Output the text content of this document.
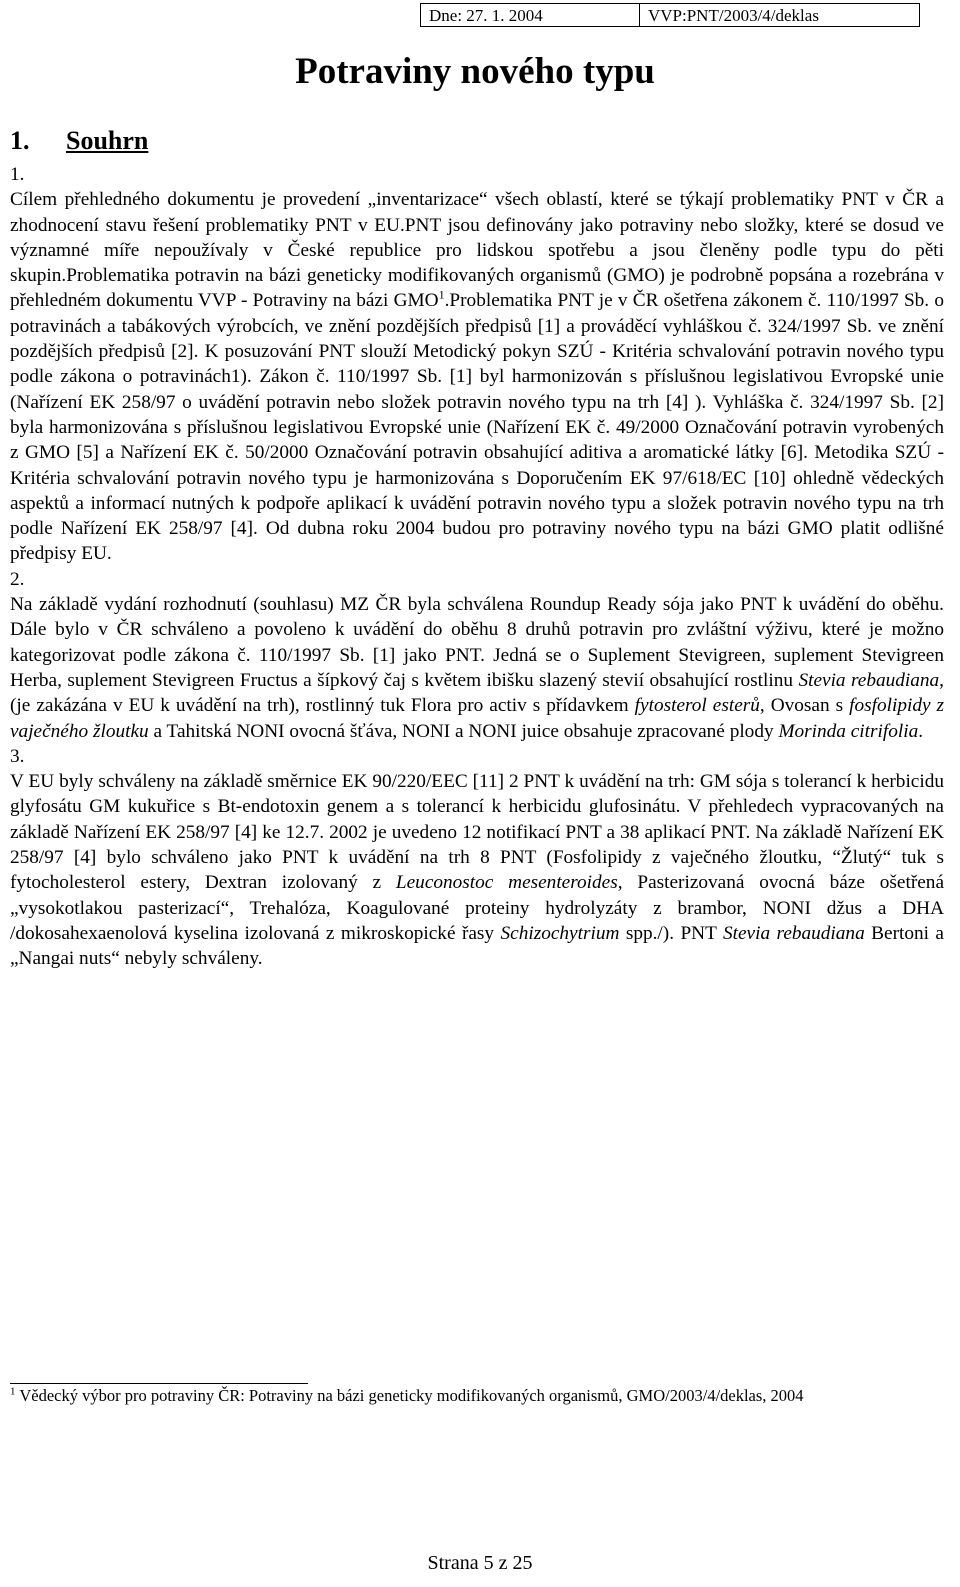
Dne: 27. 1. 2004	VVP:PNT/2003/4/deklas
Potraviny nového typu
1. Souhrn

1.

Cílem přehledného dokumentu je provedení „inventarizace“ všech oblastí, které se týkají problematiky PNT v ČR a zhodnocení stavu řešení problematiky PNT v EU.PNT jsou definovány jako potraviny nebo složky, které se dosud ve významné míře nepoužívaly v České republice pro lidskou spotřebu a jsou členěny podle typu do pěti skupin.Problematika potravin na bázi geneticky modifikovaných organismů (GMO) je podrobně popsána a rozebrána v přehledném dokumentu VVP - Potraviny na bázi GMO$^1$.Problematika PNT je v ČR ošetřena zákonem č. 110/1997 Sb. o potravinách a tabákových výrobcích, ve znění pozdějších předpisů [1] a prováděcí vyhláškou č. 324/1997 Sb. ve znění pozdějších předpisů [2]. K posuzování PNT slouží Metodický pokyn SZÚ - Kritéria schvalování potravin nového typu podle zákona o potravinách1). Zákon č. 110/1997 Sb. [1] byl harmonizován s příslušnou legislativou Evropské unie (Nařízení EK 258/97 o uvádění potravin nebo složek potravin nového typu na trh [4] ). Vyhláška č. 324/1997 Sb. [2] byla harmonizována s příslušnou legislativou Evropské unie (Nařízení EK č. 49/2000 Označování potravin vyrobených z GMO [5] a Nařízení EK č. 50/2000 Označování potravin obsahující aditiva a aromatické látky [6]. Metodika SZÚ - Kritéria schvalování potravin nového typu je harmonizována s Doporučením EK 97/618/EC [10] ohledně vědeckých aspektů a informací nutných k podpoře aplikací k uvádění potravin nového typu a složek potravin nového typu na trh podle Nařízení EK 258/97 [4]. Od dubna roku 2004 budou pro potraviny nového typu na bázi GMO platit odlišné předpisy EU.

2.

Na základě vydání rozhodnutí (souhlasu) MZ ČR byla schválena Roundup Ready sója jako PNT k uvádění do oběhu. Dále bylo v ČR schváleno a povoleno k uvádění do oběhu 8 druhů potravin pro zvláštní výživu, které je možno kategorizovat podle zákona č. 110/1997 Sb. [1] jako PNT. Jedná se o Suplement Stevigreen, suplement Stevigreen Herba, suplement Stevigreen Fructus a šípkový čaj s květem ibišku slazený stevií obsahující rostlinu Stevia rebaudiana, (je zakázána v EU k uvádění na trh), rostlinný tuk Flora pro activ s přídavkem fytosterol esterů, Ovosan s fosfolipidy z vaječného žloutku a Tahitská NONI ovocná šťáva, NONI a NONI juice obsahuje zpracované plody Morinda citrifolia.

3.

V EU byly schváleny na základě směrnice EK 90/220/EEC [11] 2 PNT k uvádění na trh: GM sója s tolerancí k herbicidu glyfosátu GM kukuřice s Bt-endotoxin genem a s tolerancí k herbicidu glufosinátu. V přehledech vypracovaných na základě Nařízení EK 258/97 [4] ke 12.7. 2002 je uvedeno 12 notifikací PNT a 38 aplikací PNT. Na základě Nařízení EK 258/97 [4] bylo schváleno jako PNT k uvádění na trh 8 PNT (Fosfolipidy z vaječného žloutku, “Žlutý“ tuk s fytocholesterol estery, Dextran izolovaný z Leuconostoc mesenteroides, Pasterizovaná ovocná báze ošetřená „vysokotlakou pasterizací“, Trehalóza, Koagulované proteiny hydrolyzáty z brambor, NONI džus a DHA /dokosahexaenolová kyselina izolovaná z mikroskopické řasy Schizochytrium spp./). PNT Stevia rebaudiana Bertoni a „Nangai nuts“ nebyly schváleny.

$^1$ Vědecký výbor pro potraviny ČR: Potraviny na bázi geneticky modifikovaných organismů, GMO/2003/4/deklas, 2004
Strana 5 z 25
